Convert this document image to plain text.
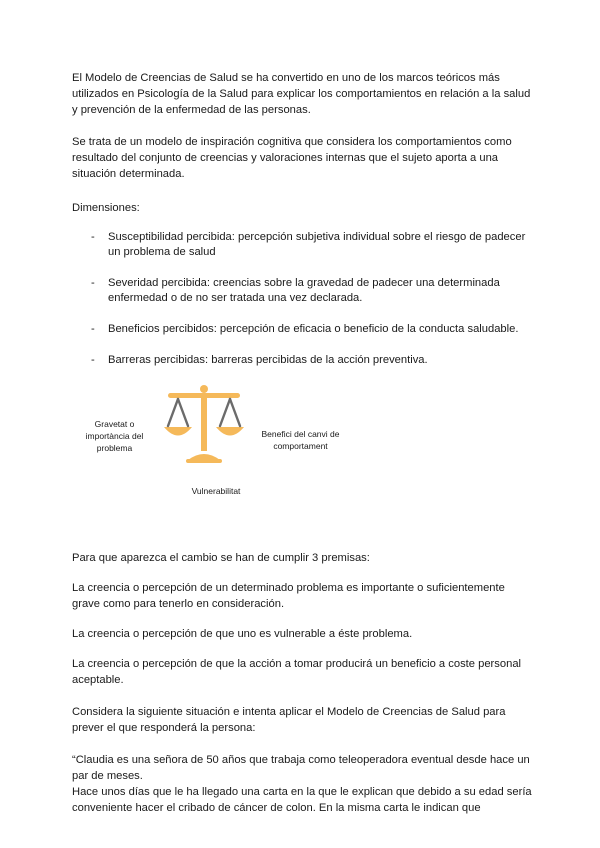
El Modelo de Creencias de Salud se ha convertido en uno de los marcos teóricos más utilizados en Psicología de la Salud para explicar los comportamientos en relación a la salud y prevención de la enfermedad de las personas.

Se trata de un modelo de inspiración cognitiva que considera los comportamientos como resultado del conjunto de creencias y valoraciones internas que el sujeto aporta a una situación determinada.

Dimensiones:

- Susceptibilidad percibida: percepción subjetiva individual sobre el riesgo de padecer un problema de salud
- Severidad percibida: creencias sobre la gravedad de padecer una determinada enfermedad o de no ser tratada una vez declarada.
- Beneficios percibidos: percepción de eficacia o beneficio de la conducta saludable.
- Barreras percibidas: barreras percibidas de la acción preventiva.
Gravetat o importància del problema
Benefici del canvi de comportament
Vulnerabilitat

Para que aparezca el cambio se han de cumplir 3 premisas:

La creencia o percepción de un determinado problema es importante o suficientemente grave como para tenerlo en consideración.

La creencia o percepción de que uno es vulnerable a éste problema.

La creencia o percepción de que la acción a tomar producirá un beneficio a coste personal aceptable.

Considera la siguiente situación e intenta aplicar el Modelo de Creencias de Salud para prever el que responderá la persona:

“Claudia es una señora de 50 años que trabaja como teleoperadora eventual desde hace un par de meses.

Hace unos días que le ha llegado una carta en la que le explican que debido a su edad sería conveniente hacer el cribado de cáncer de colon. En la misma carta le indican que
